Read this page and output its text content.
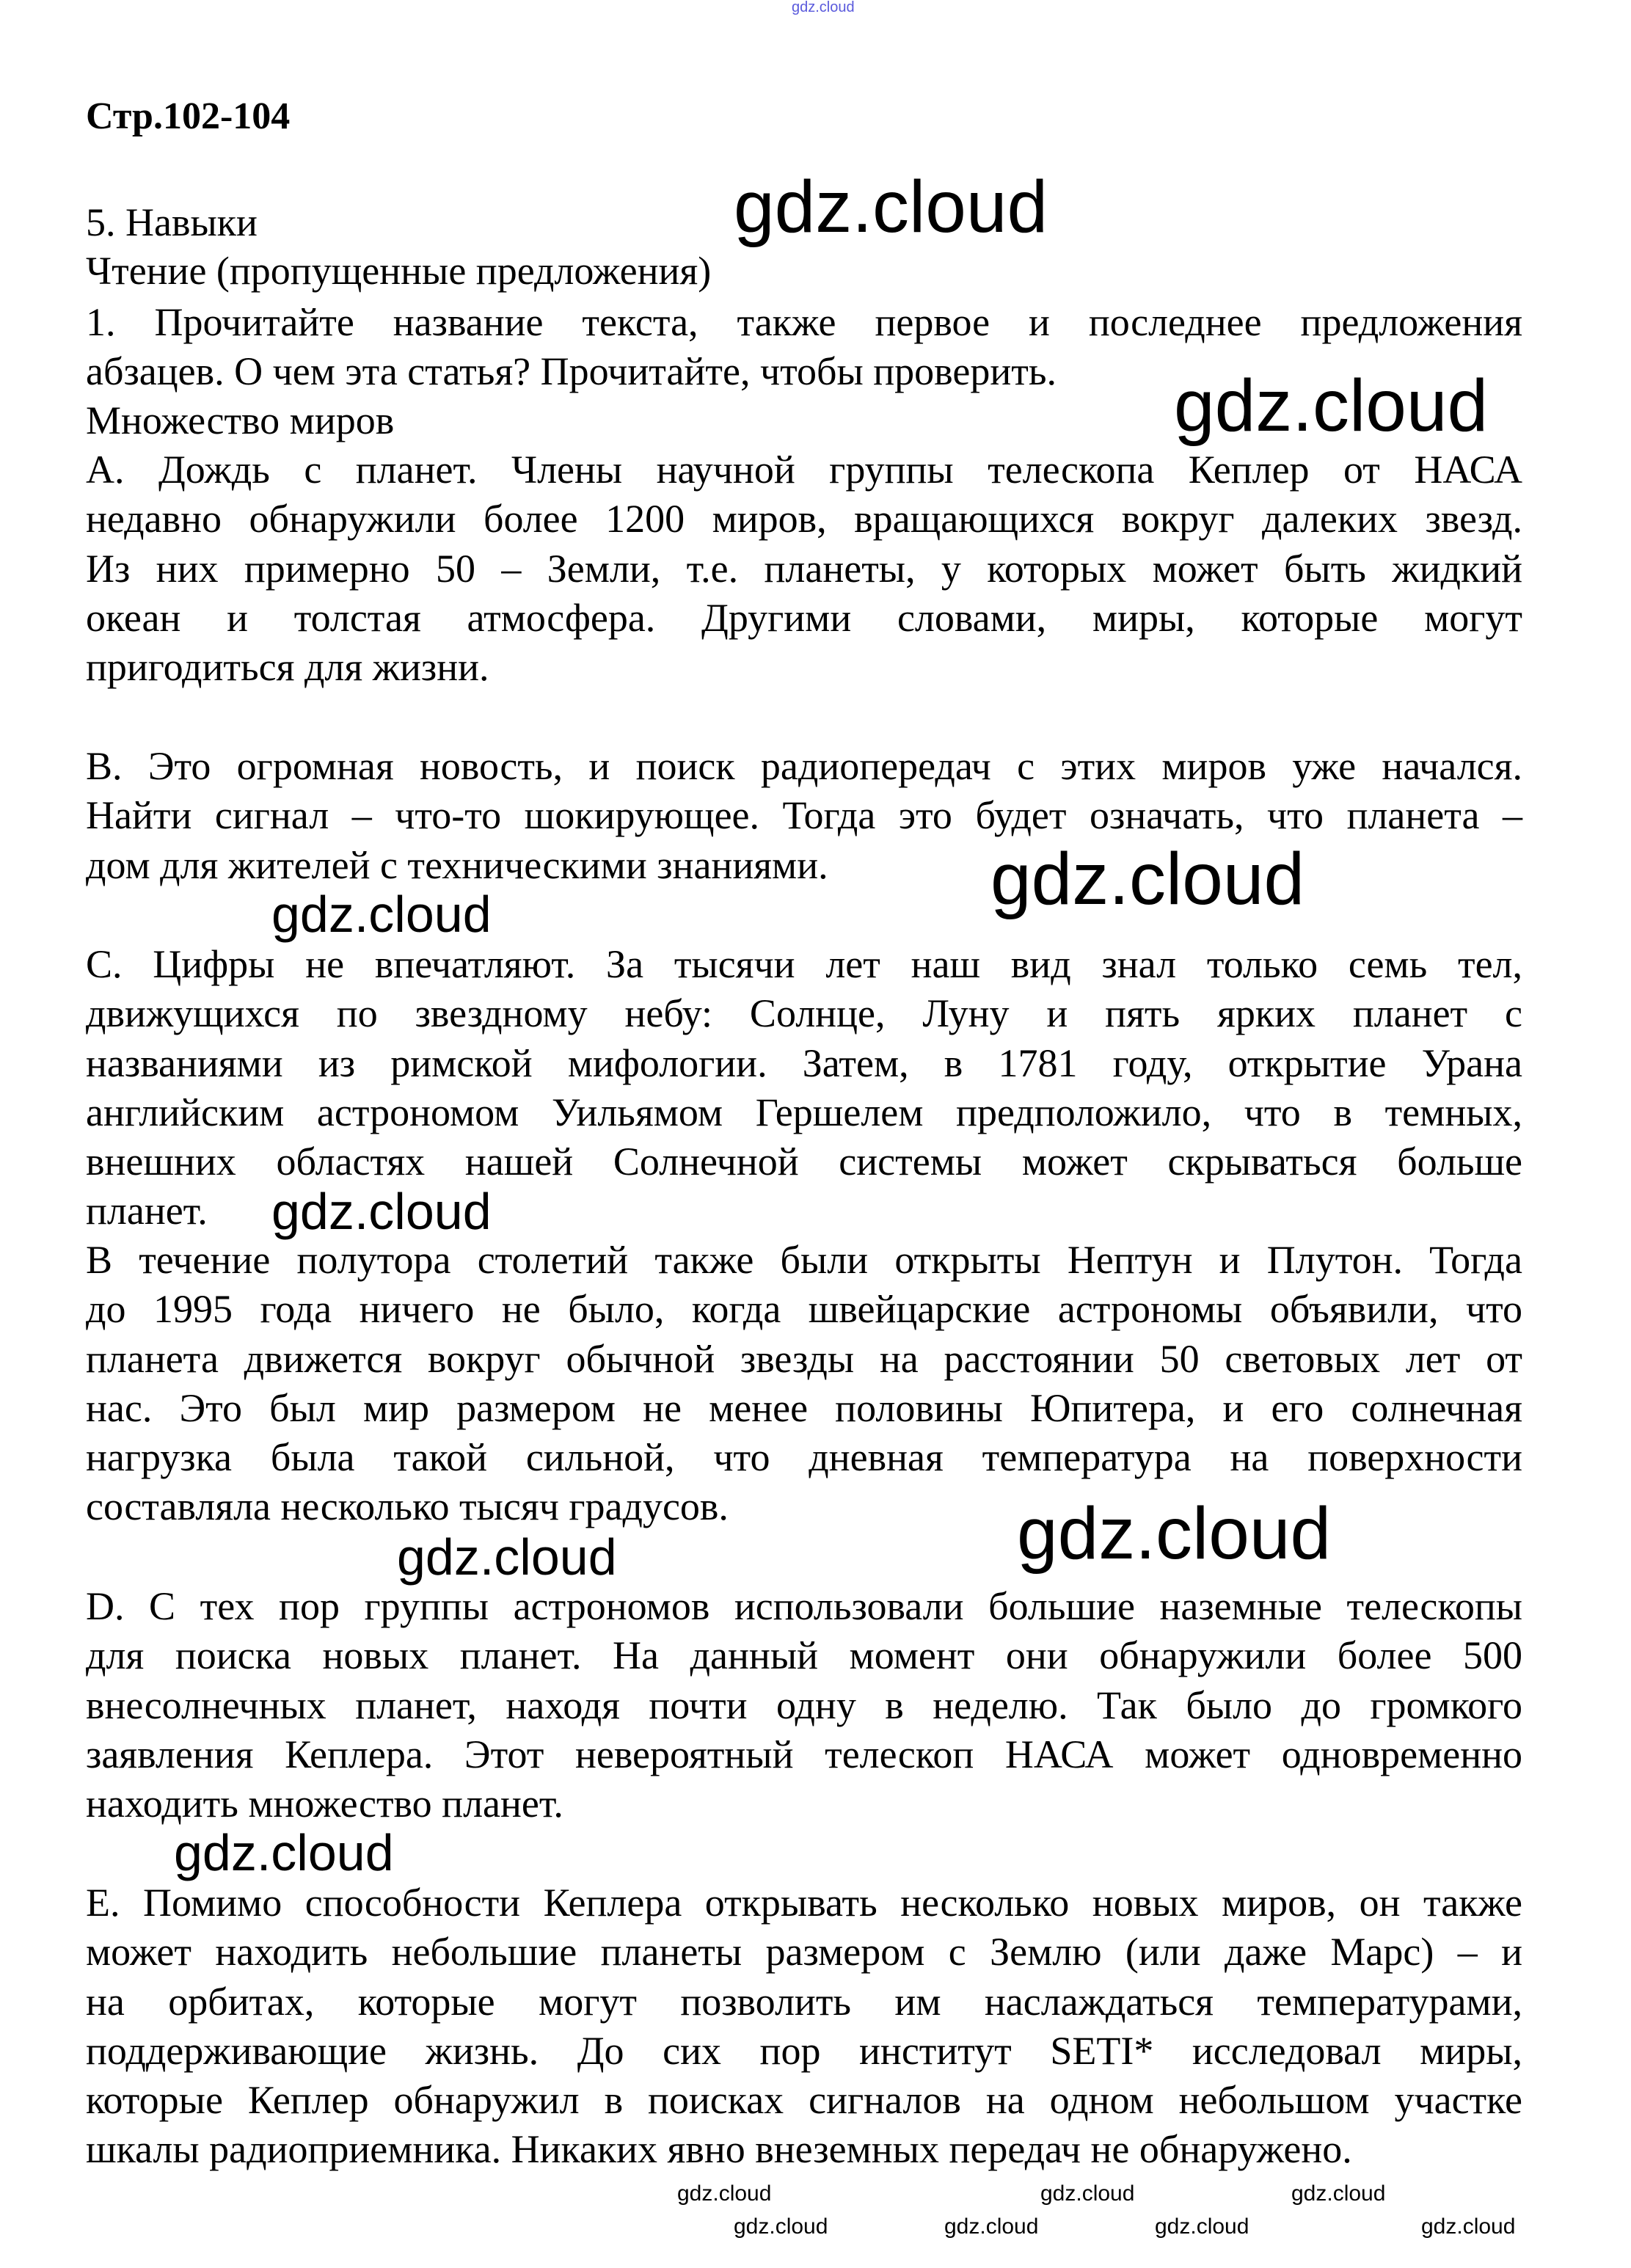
Стр.102-104
5. Навыки
Чтение (пропущенные предложения)
1. Прочитайте название текста, также первое и последнее предложения
абзацев. О чем эта статья? Прочитайте, чтобы проверить.
Множество миров
A. Дождь с планет. Члены научной группы телескопа Кеплер от НАСА
недавно обнаружили более 1200 миров, вращающихся вокруг далеких звезд.
Из них примерно 50 – Земли, т.е. планеты, у которых может быть жидкий
океан и толстая атмосфера. Другими словами, миры, которые могут
пригодиться для жизни.
B. Это огромная новость, и поиск радиопередач с этих миров уже начался.
Найти сигнал – что-то шокирующее. Тогда это будет означать, что планета –
дом для жителей с техническими знаниями.
C. Цифры не впечатляют. За тысячи лет наш вид знал только семь тел,
движущихся по звездному небу: Солнце, Луну и пять ярких планет с
названиями из римской мифологии. Затем, в 1781 году, открытие Урана
английским астрономом Уильямом Гершелем предположило, что в темных,
внешних областях нашей Солнечной системы может скрываться больше
планет.
В течение полутора столетий также были открыты Нептун и Плутон. Тогда
до 1995 года ничего не было, когда швейцарские астрономы объявили, что
планета движется вокруг обычной звезды на расстоянии 50 световых лет от
нас. Это был мир размером не менее половины Юпитера, и его солнечная
нагрузка была такой сильной, что дневная температура на поверхности
составляла несколько тысяч градусов.
D. С тех пор группы астрономов использовали большие наземные телескопы
для поиска новых планет. На данный момент они обнаружили более 500
внесолнечных планет, находя почти одну в неделю. Так было до громкого
заявления Кеплера. Этот невероятный телескоп НАСА может одновременно
находить множество планет.
E. Помимо способности Кеплера открывать несколько новых миров, он также
может находить небольшие планеты размером с Землю (или даже Марс) – и
на орбитах, которые могут позволить им наслаждаться температурами,
поддерживающие жизнь. До сих пор институт SETI* исследовал миры,
которые Кеплер обнаружил в поисках сигналов на одном небольшом участке
шкалы радиоприемника. Никаких явно внеземных передач не обнаружено.
gdz.cloud
gdz.cloud
gdz.cloud
gdz.cloud
gdz.cloud
gdz.cloud
gdz.cloud
gdz.cloud
gdz.cloud
gdz.cloud	gdz.cloud	gdz.cloud
gdz.cloud	gdz.cloud	gdz.cloud	gdz.cloud
